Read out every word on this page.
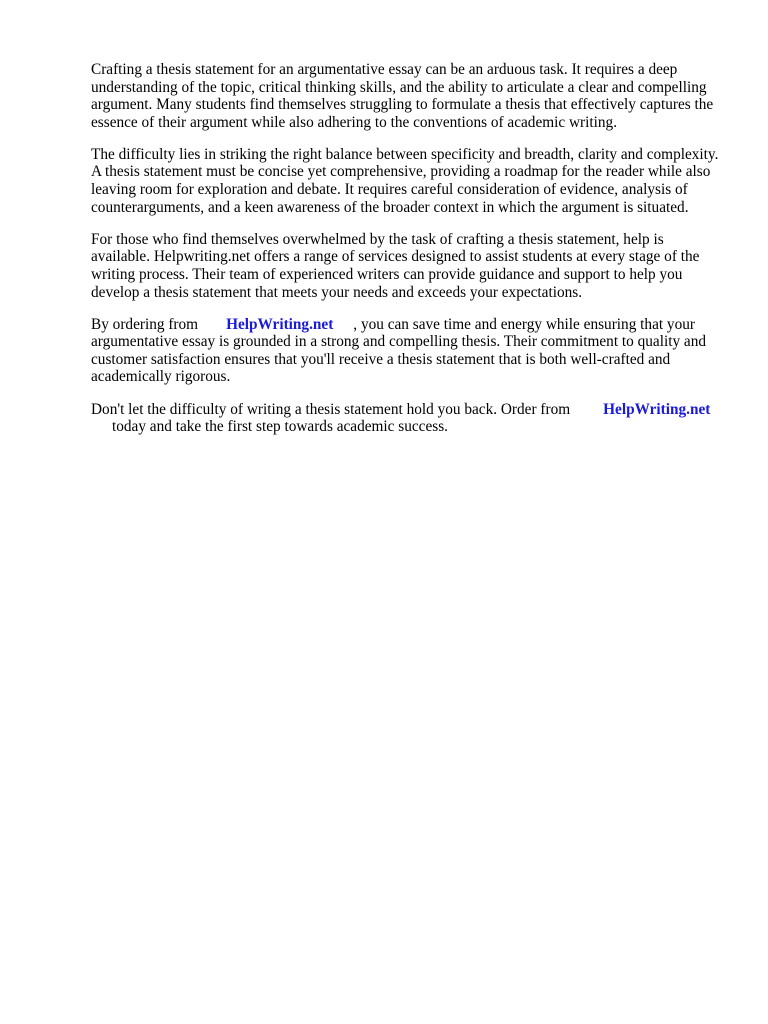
Crafting a thesis statement for an argumentative essay can be an arduous task. It requires a deep understanding of the topic, critical thinking skills, and the ability to articulate a clear and compelling argument. Many students find themselves struggling to formulate a thesis that effectively captures the essence of their argument while also adhering to the conventions of academic writing.

The difficulty lies in striking the right balance between specificity and breadth, clarity and complexity. A thesis statement must be concise yet comprehensive, providing a roadmap for the reader while also leaving room for exploration and debate. It requires careful consideration of evidence, analysis of counterarguments, and a keen awareness of the broader context in which the argument is situated.

For those who find themselves overwhelmed by the task of crafting a thesis statement, help is available. Helpwriting.net offers a range of services designed to assist students at every stage of the writing process. Their team of experienced writers can provide guidance and support to help you develop a thesis statement that meets your needs and exceeds your expectations.

By ordering from HelpWriting.net , you can save time and energy while ensuring that your argumentative essay is grounded in a strong and compelling thesis. Their commitment to quality and customer satisfaction ensures that you'll receive a thesis statement that is both well-crafted and academically rigorous.

Don't let the difficulty of writing a thesis statement hold you back. Order from HelpWriting.net
today and take the first step towards academic success.
